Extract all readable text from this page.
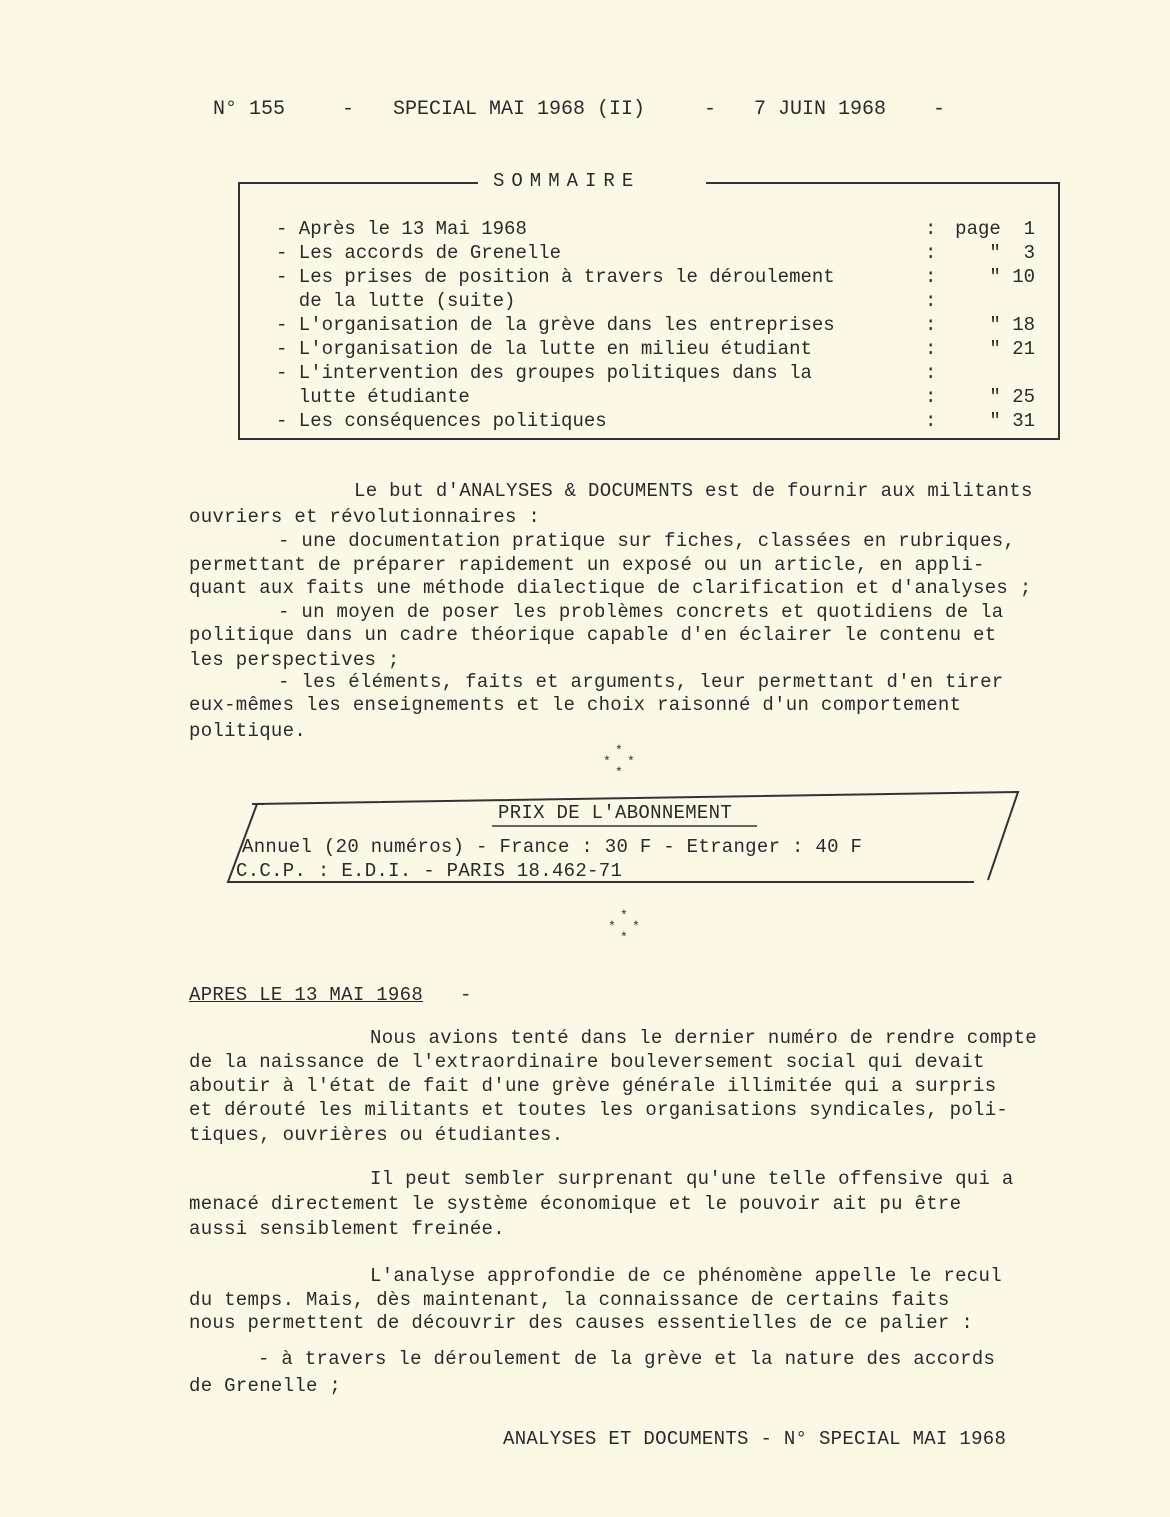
N° 155	- SPECIAL MAI 1968 (II)	- 7 JUIN 1968 -
SOMMAIRE
- Après le 13 Mai 1968	: page  1
- Les accords de Grenelle	:	"  3
- Les prises de position à travers le déroulement	:	" 10
de la lutte (suite)	:
- L'organisation de la grève dans les entreprises	:	" 18
- L'organisation de la lutte en milieu étudiant	:	" 21
- L'intervention des groupes politiques dans la	:
lutte étudiante	:	" 25
- Les conséquences politiques	:	" 31
Le but d'ANALYSES & DOCUMENTS est de fournir aux militants
ouvriers et révolutionnaires :
- une documentation pratique sur fiches, classées en rubriques,
permettant de préparer rapidement un exposé ou un article, en appli-
quant aux faits une méthode dialectique de clarification et d'analyses ;
- un moyen de poser les problèmes concrets et quotidiens de la
politique dans un cadre théorique capable d'en éclairer le contenu et
les perspectives ;
- les éléments, faits et arguments, leur permettant d'en tirer
eux-mêmes les enseignements et le choix raisonné d'un comportement
politique.
*
* *
*
PRIX DE L'ABONNEMENT
Annuel (20 numéros) - France : 30 F - Etranger : 40 F
C.C.P. : E.D.I. - PARIS 18.462-71
*
* *
*
APRES LE 13 MAI 1968 -
Nous avions tenté dans le dernier numéro de rendre compte
de la naissance de l'extraordinaire bouleversement social qui devait
aboutir à l'état de fait d'une grève générale illimitée qui a surpris
et dérouté les militants et toutes les organisations syndicales, poli-
tiques, ouvrières ou étudiantes.
Il peut sembler surprenant qu'une telle offensive qui a
menacé directement le système économique et le pouvoir ait pu être
aussi sensiblement freinée.
L'analyse approfondie de ce phénomène appelle le recul
du temps. Mais, dès maintenant, la connaissance de certains faits
nous permettent de découvrir des causes essentielles de ce palier :
- à travers le déroulement de la grève et la nature des accords
de Grenelle ;
ANALYSES ET DOCUMENTS - N° SPECIAL MAI 1968
